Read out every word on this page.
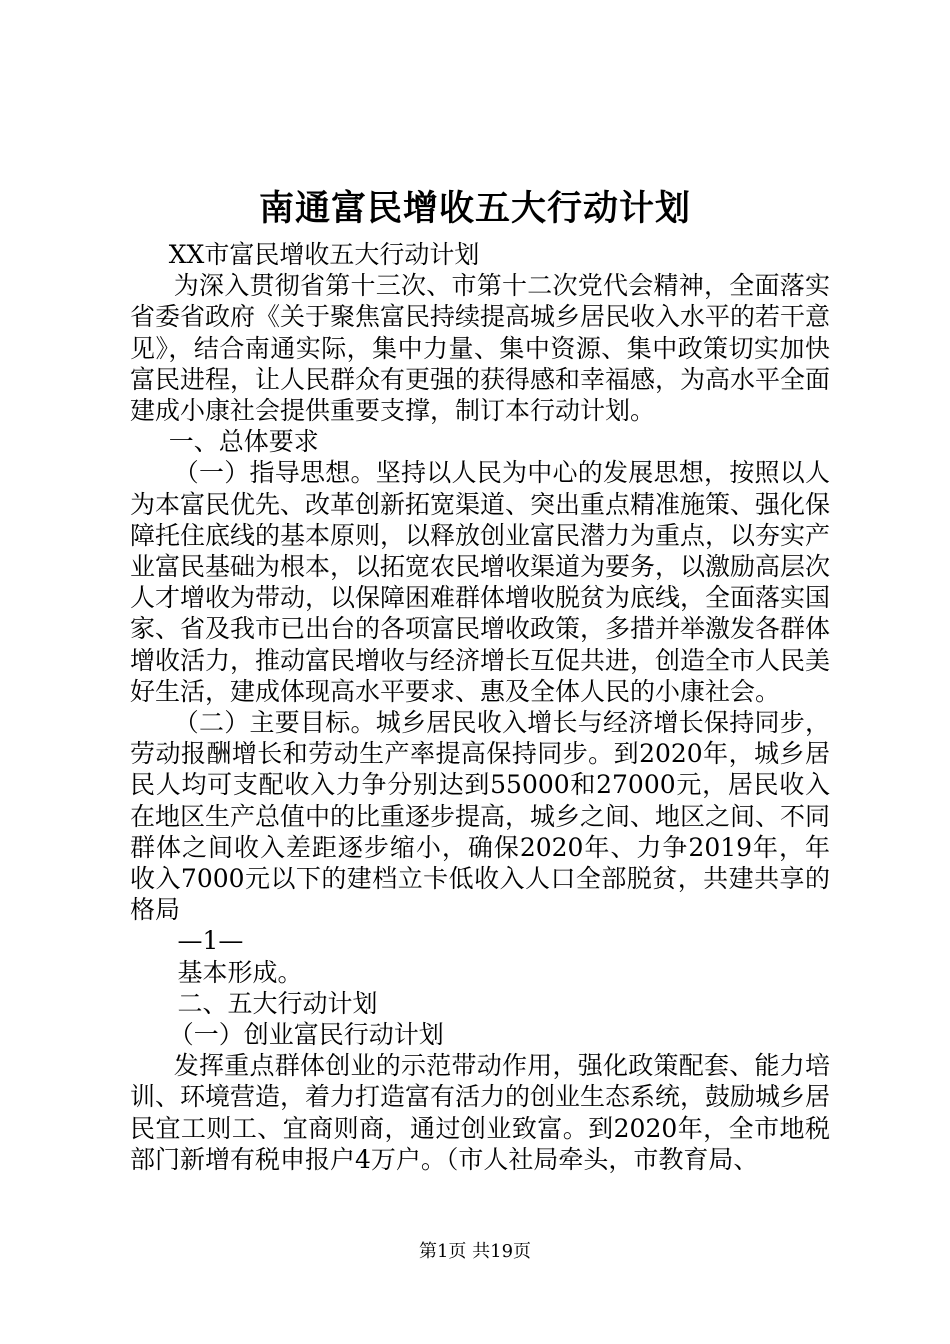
南通富民增收五大行动计划

XX市富民增收五大行动计划

为深入贯彻省第十三次、市第十二次党代会精神，全面落实省委省政府《关于聚焦富民持续提高城乡居民收入水平的若干意见》，结合南通实际，集中力量、集中资源、集中政策切实加快富民进程，让人民群众有更强的获得感和幸福感，为高水平全面建成小康社会提供重要支撑，制订本行动计划。

一、总体要求

（一）指导思想。坚持以人民为中心的发展思想，按照以人为本富民优先、改革创新拓宽渠道、突出重点精准施策、强化保障托住底线的基本原则，以释放创业富民潜力为重点，以夯实产业富民基础为根本，以拓宽农民增收渠道为要务，以激励高层次人才增收为带动，以保障困难群体增收脱贫为底线，全面落实国家、省及我市已出台的各项富民增收政策，多措并举激发各群体增收活力，推动富民增收与经济增长互促共进，创造全市人民美好生活，建成体现高水平要求、惠及全体人民的小康社会。

（二）主要目标。城乡居民收入增长与经济增长保持同步，劳动报酬增长和劳动生产率提高保持同步。到2020年，城乡居民人均可支配收入力争分别达到55000和27000元，居民收入在地区生产总值中的比重逐步提高，城乡之间、地区之间、不同群体之间收入差距逐步缩小，确保2020年、力争2019年，年收入7000元以下的建档立卡低收入人口全部脱贫，共建共享的格局

—1—

基本形成。

二、五大行动计划

（一）创业富民行动计划

发挥重点群体创业的示范带动作用，强化政策配套、能力培训、环境营造，着力打造富有活力的创业生态系统，鼓励城乡居民宜工则工、宜商则商，通过创业致富。到2020年，全市地税部门新增有税申报户4万户。（市人社局牵头，市教育局、

第1页 共19页
